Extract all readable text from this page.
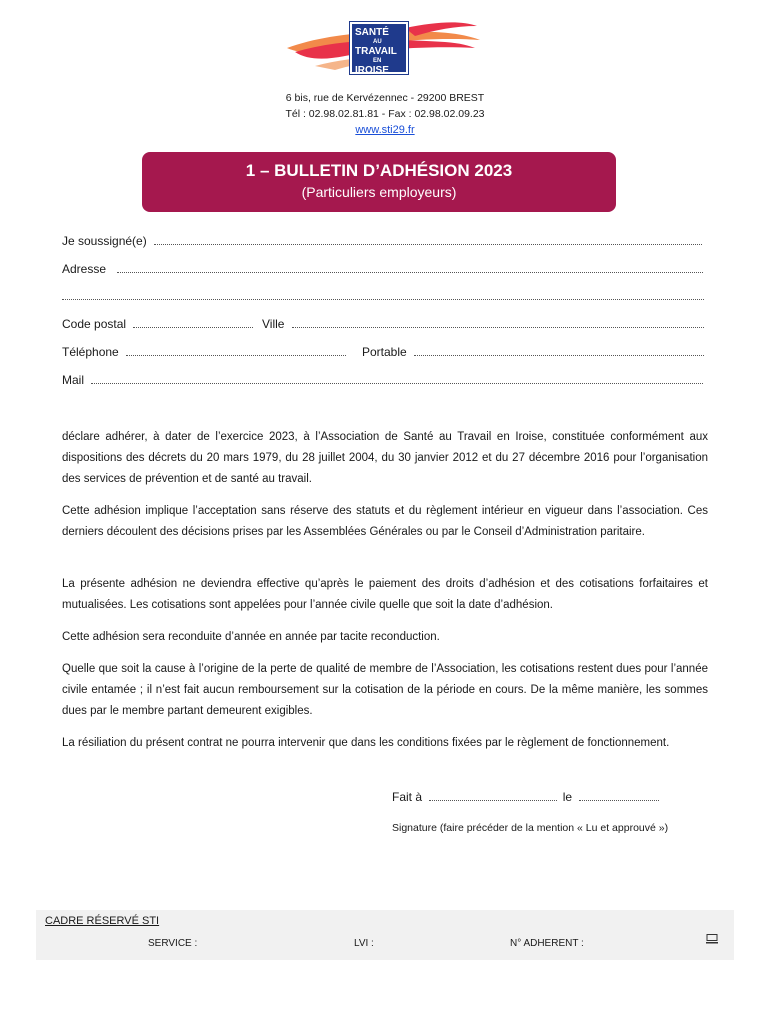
SANTÉ
AU
TRAVAIL
EN
IROISE
6 bis, rue de Kervézennec - 29200 BREST
Tél : 02.98.02.81.81 - Fax : 02.98.02.09.23
www.sti29.fr
1 – BULLETIN D’ADHÉSION 2023
(Particuliers employeurs)
Je soussigné(e)
Adresse
Code postal	Ville
Téléphone	Portable
Mail
déclare adhérer, à dater de l’exercice 2023, à l’Association de Santé au Travail en Iroise, constituée conformément aux dispositions des décrets du 20 mars 1979, du 28 juillet 2004, du 30 janvier 2012 et du 27 décembre 2016 pour l’organisation des services de prévention et de santé au travail.
Cette adhésion implique l’acceptation sans réserve des statuts et du règlement intérieur en vigueur dans l’association. Ces derniers découlent des décisions prises par les Assemblées Générales ou par le Conseil d’Administration paritaire.
La présente adhésion ne deviendra effective qu’après le paiement des droits d’adhésion et des cotisations forfaitaires et mutualisées. Les cotisations sont appelées pour l’année civile quelle que soit la date d’adhésion.
Cette adhésion sera reconduite d’année en année par tacite reconduction.
Quelle que soit la cause à l’origine de la perte de qualité de membre de l’Association, les cotisations restent dues pour l’année civile entamée ; il n’est fait aucun remboursement sur la cotisation de la période en cours. De la même manière, les sommes dues par le membre partant demeurent exigibles.
La résiliation du présent contrat ne pourra intervenir que dans les conditions fixées par le règlement de fonctionnement.
Fait à	le
Signature (faire précéder de la mention « Lu et approuvé »)
CADRE RÉSERVÉ STI
SERVICE :	LVI :	N° ADHERENT :
